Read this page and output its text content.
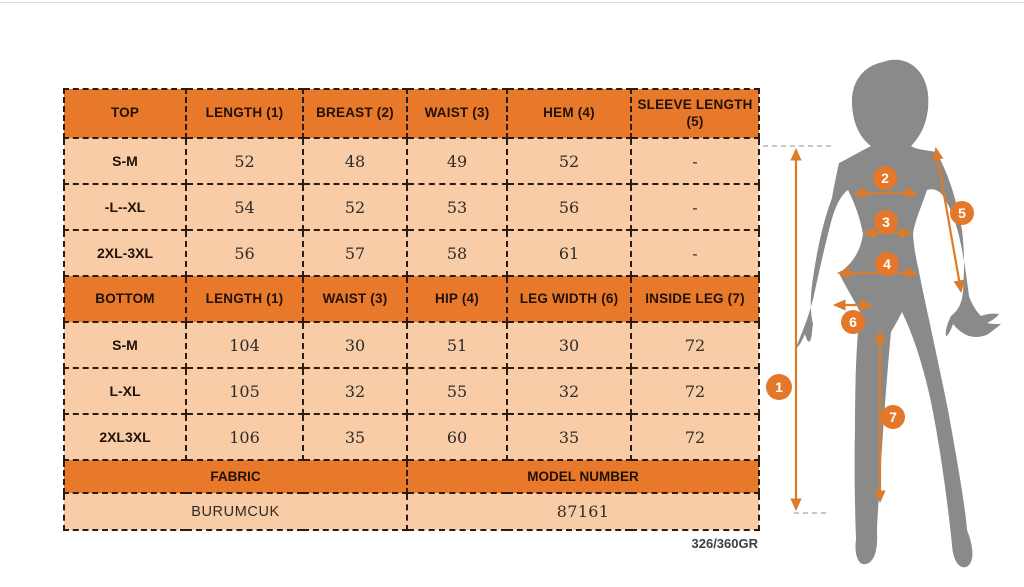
TOP	LENGTH (1)	BREAST (2)	WAIST (3)	HEM (4)	SLEEVE LENGTH (5)
S-M	52	48	49	52	-
-L--XL	54	52	53	56	-
2XL-3XL	56	57	58	61	-
BOTTOM	LENGTH (1)	WAIST (3)	HIP (4)	LEG WIDTH (6)	INSIDE LEG (7)
S-M	104	30	51	30	72
L-XL	105	32	55	32	72
2XL3XL	106	35	60	35	72
FABRIC			MODEL NUMBER		
BURUMCUK			87161		
326/360GR
1
2
3
4
5
6
7
